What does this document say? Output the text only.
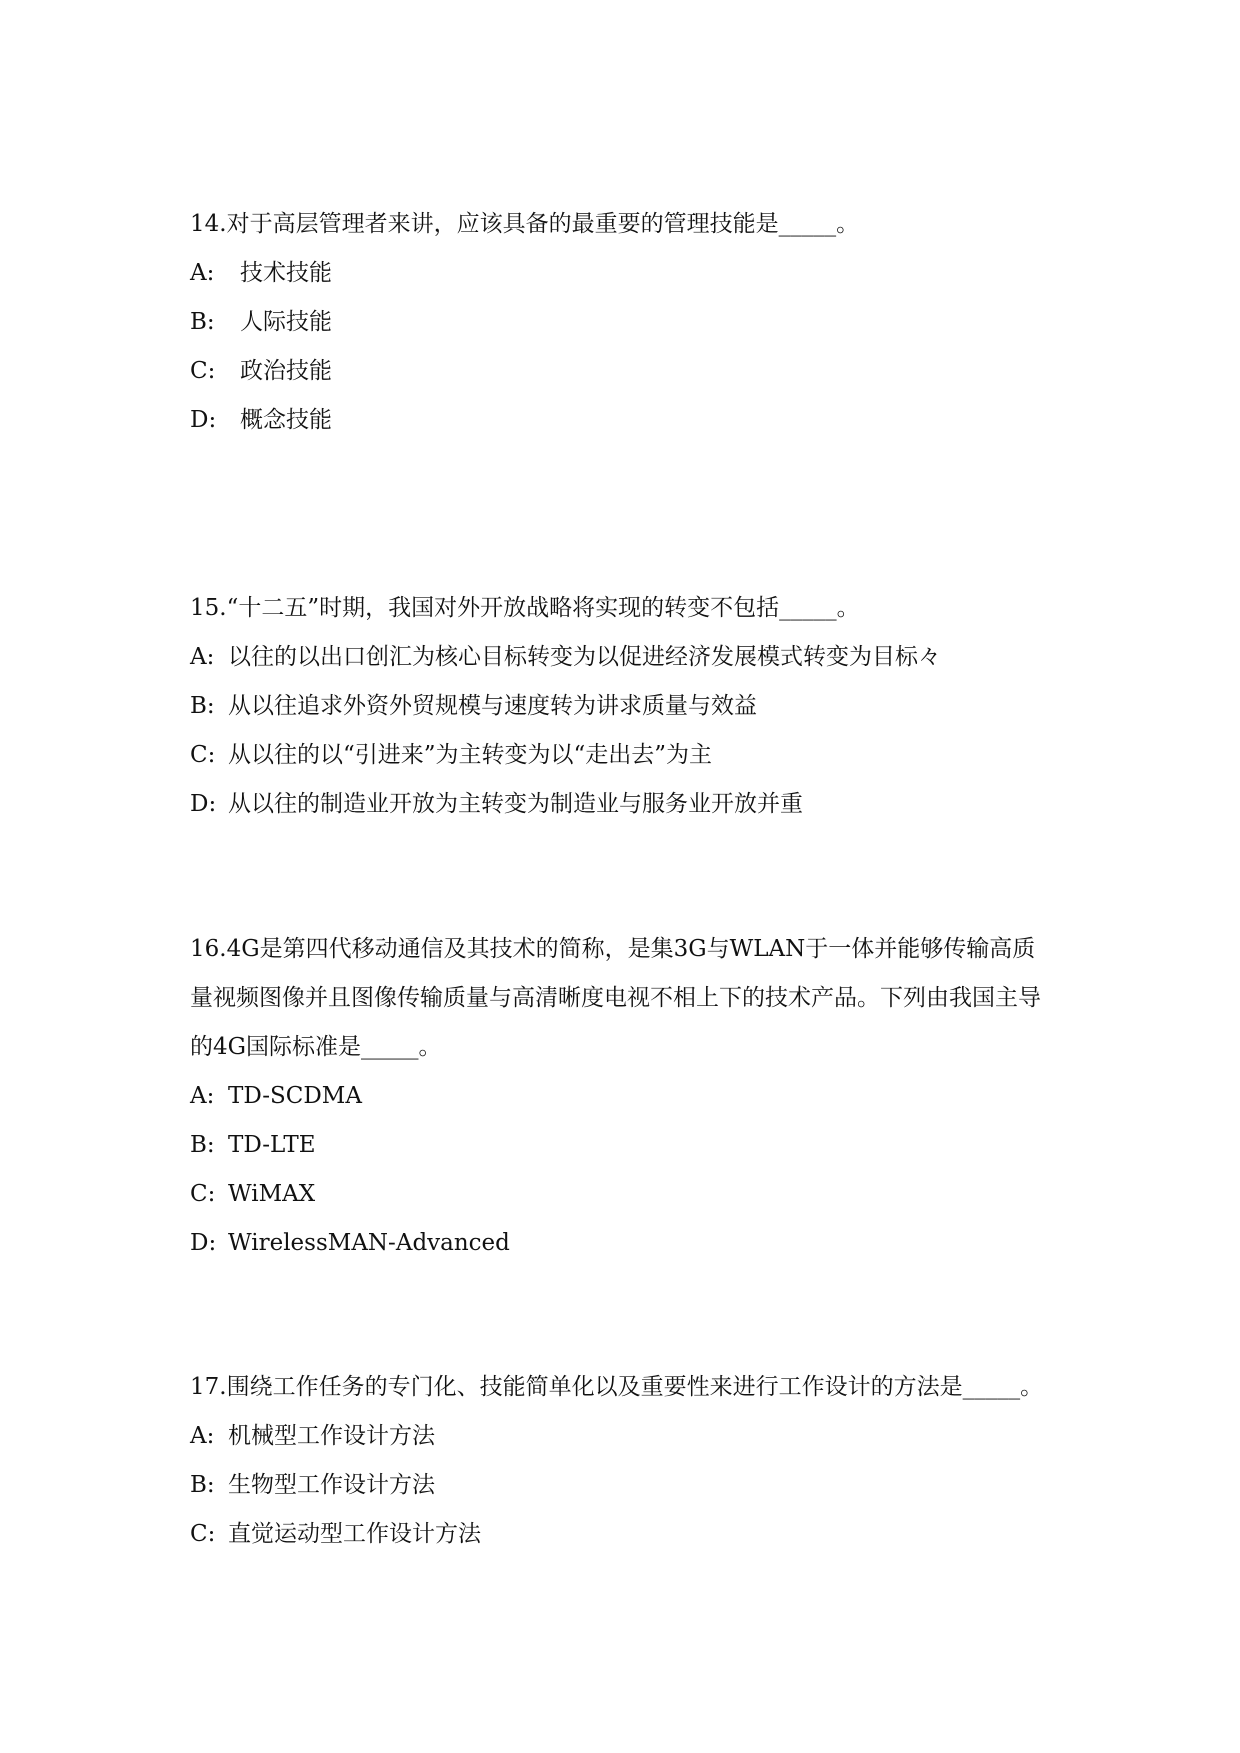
14.对于高层管理者来讲，应该具备的最重要的管理技能是_____。

A: 技术技能

B: 人际技能

C: 政治技能

D: 概念技能

15.“十二五”时期，我国对外开放战略将实现的转变不包括_____。

A: 以往的以出口创汇为核心目标转变为以促进经济发展模式转变为目标々

B: 从以往追求外资外贸规模与速度转为讲求质量与效益

C: 从以往的以“引进来”为主转变为以“走出去”为主

D: 从以往的制造业开放为主转变为制造业与服务业开放并重

16.4G是第四代移动通信及其技术的简称，是集3G与WLAN于一体并能够传输高质量视频图像并且图像传输质量与高清晰度电视不相上下的技术产品。下列由我国主导的4G国际标准是_____。

A: TD-SCDMA

B: TD-LTE

C: WiMAX

D: WirelessMAN-Advanced

17.围绕工作任务的专门化、技能简单化以及重要性来进行工作设计的方法是_____。

A: 机械型工作设计方法

B: 生物型工作设计方法

C: 直觉运动型工作设计方法
